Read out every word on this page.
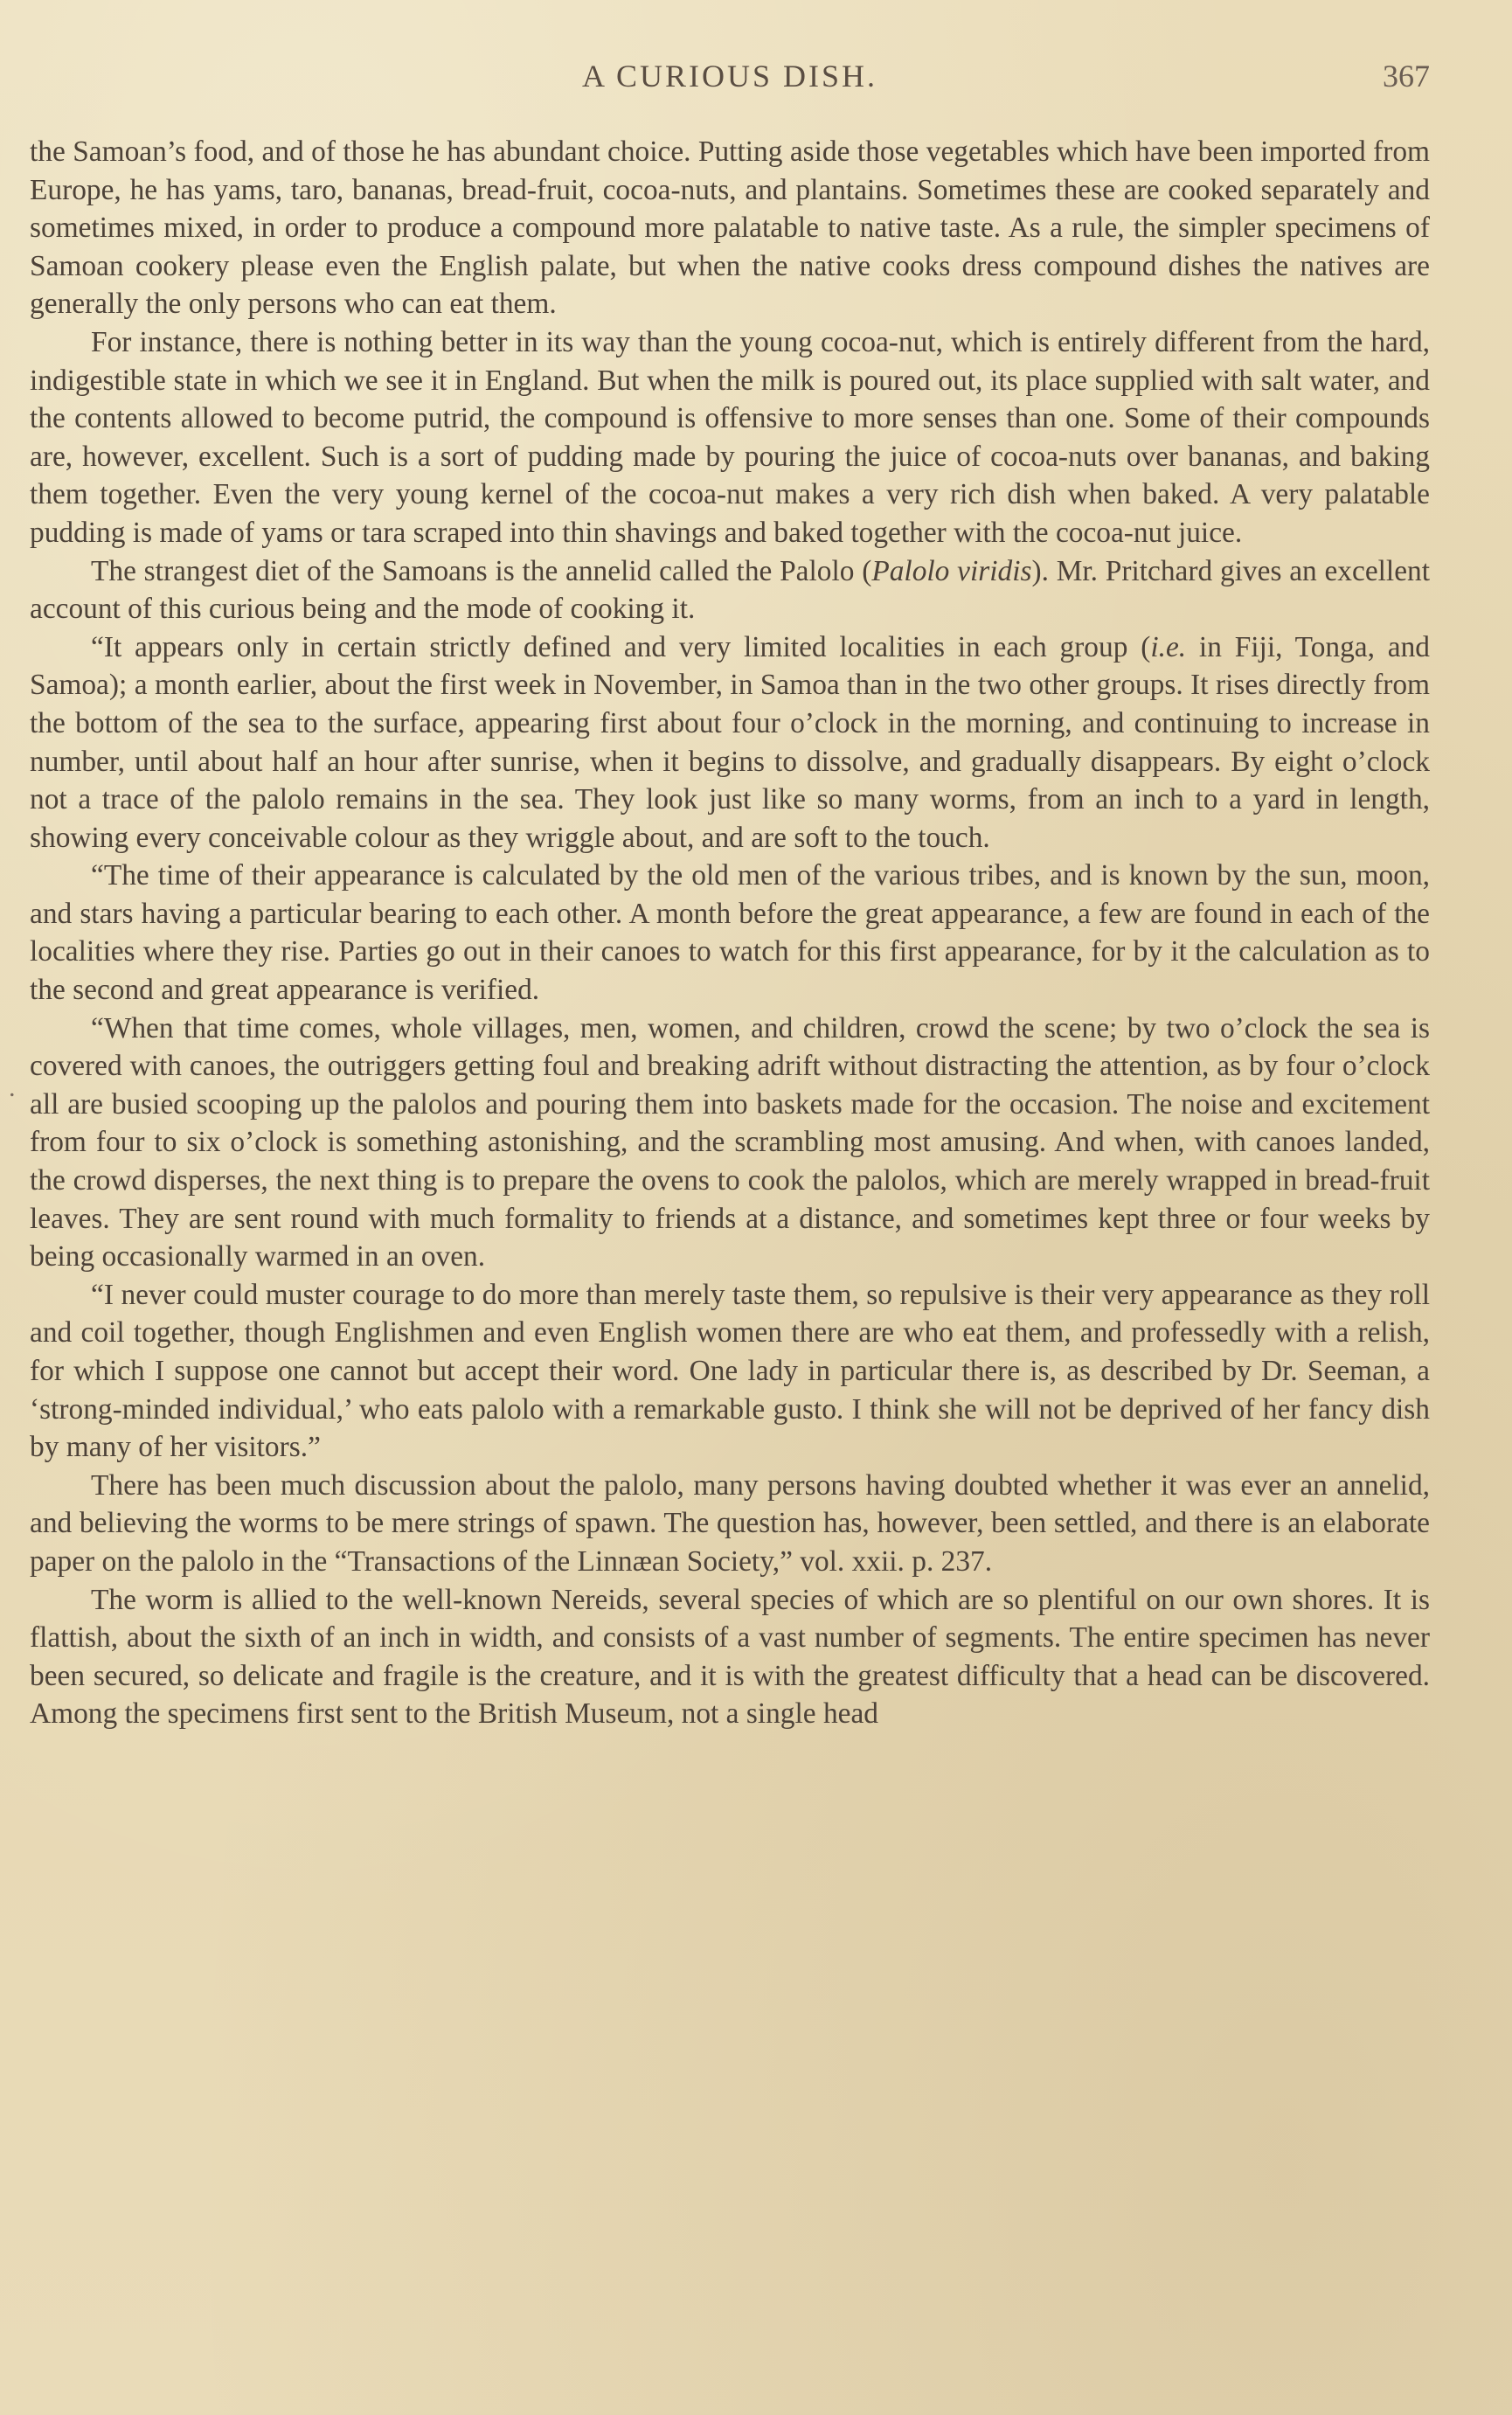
A CURIOUS DISH.	367
.

the Samoan’s food, and of those he has abundant choice. Putting aside those vegetables which have been imported from Europe, he has yams, taro, bananas, bread-fruit, cocoa-nuts, and plantains. Sometimes these are cooked separately and sometimes mixed, in order to produce a compound more palatable to native taste. As a rule, the simpler specimens of Samoan cookery please even the English palate, but when the native cooks dress compound dishes the natives are generally the only persons who can eat them.

For instance, there is nothing better in its way than the young cocoa-nut, which is entirely different from the hard, indigestible state in which we see it in England. But when the milk is poured out, its place supplied with salt water, and the contents allowed to become putrid, the compound is offensive to more senses than one. Some of their compounds are, however, excellent. Such is a sort of pudding made by pouring the juice of cocoa-nuts over bananas, and baking them together. Even the very young kernel of the cocoa-nut makes a very rich dish when baked. A very palatable pudding is made of yams or tara scraped into thin shavings and baked together with the cocoa-nut juice.

The strangest diet of the Samoans is the annelid called the Palolo (Palolo viridis). Mr. Pritchard gives an excellent account of this curious being and the mode of cooking it.

“It appears only in certain strictly defined and very limited localities in each group (i.e. in Fiji, Tonga, and Samoa); a month earlier, about the first week in November, in Samoa than in the two other groups. It rises directly from the bottom of the sea to the surface, appearing first about four o’clock in the morning, and continuing to increase in number, until about half an hour after sunrise, when it begins to dissolve, and gradually disappears. By eight o’clock not a trace of the palolo remains in the sea. They look just like so many worms, from an inch to a yard in length, showing every conceivable colour as they wriggle about, and are soft to the touch.

“The time of their appearance is calculated by the old men of the various tribes, and is known by the sun, moon, and stars having a particular bearing to each other. A month before the great appearance, a few are found in each of the localities where they rise. Parties go out in their canoes to watch for this first appearance, for by it the calculation as to the second and great appearance is verified.

“When that time comes, whole villages, men, women, and children, crowd the scene; by two o’clock the sea is covered with canoes, the outriggers getting foul and breaking adrift without distracting the attention, as by four o’clock all are busied scooping up the palolos and pouring them into baskets made for the occasion. The noise and excitement from four to six o’clock is something astonishing, and the scrambling most amusing. And when, with canoes landed, the crowd disperses, the next thing is to prepare the ovens to cook the palolos, which are merely wrapped in bread-fruit leaves. They are sent round with much formality to friends at a distance, and sometimes kept three or four weeks by being occasionally warmed in an oven.

“I never could muster courage to do more than merely taste them, so repulsive is their very appearance as they roll and coil together, though Englishmen and even English women there are who eat them, and professedly with a relish, for which I suppose one cannot but accept their word. One lady in particular there is, as described by Dr. Seeman, a ‘strong-minded individual,’ who eats palolo with a remarkable gusto. I think she will not be deprived of her fancy dish by many of her visitors.”

There has been much discussion about the palolo, many persons having doubted whether it was ever an annelid, and believing the worms to be mere strings of spawn. The question has, however, been settled, and there is an elaborate paper on the palolo in the “Transactions of the Linnæan Society,” vol. xxii. p. 237.

The worm is allied to the well-known Nereids, several species of which are so plentiful on our own shores. It is flattish, about the sixth of an inch in width, and consists of a vast number of segments. The entire specimen has never been secured, so delicate and fragile is the creature, and it is with the greatest difficulty that a head can be discovered. Among the specimens first sent to the British Museum, not a single head
